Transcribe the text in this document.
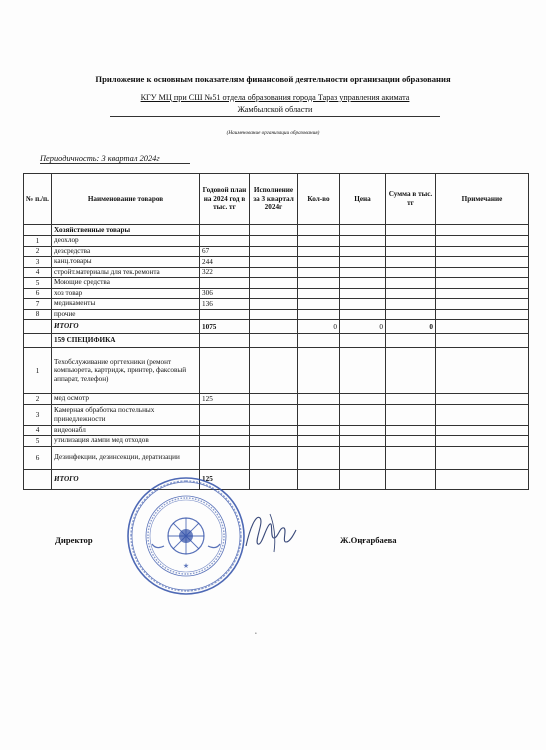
Приложение к основным показателям финансовой деятельности организации образования
КГУ МЦ при СШ №51 отдела образования города Тараз управления акимата
Жамбылской области
(Наименование организации образования)
Периодичность: 3 квартал 2024г
№ п./п.	Наименование товаров	Годовой план на 2024 год в тыс. тг	Исполнение за 3 квартал 2024г	Кол-во	Цена	Сумма в тыс. тг	Примечание
	Хозяйственные товары						
1	деохлор						
2	дезсредства	67					
3	канц.товары	244					
4	стройт.материалы для тек.ремонта	322					
5	Моющие средства						
6	хоз товар	306					
7	медикаменты	136					
8	прочие						
	ИТОГО	1075		0	0	0	
	159 СПЕЦИФИКА						
1	Техобслуживание оргтехники (ремонт компьюрета, картридж, принтер, факсовый аппарат, телефон)						
2	мед осмотр	125					
3	Камерная обработка постельных принедлежности						
4	видеонабл						
5	утилизация лампи мед отходов						
6	Дезинфекции, дезинсекции, дератизации						
	ИТОГО	125					
★
Директор	Ж.Оңғарбаева
•
